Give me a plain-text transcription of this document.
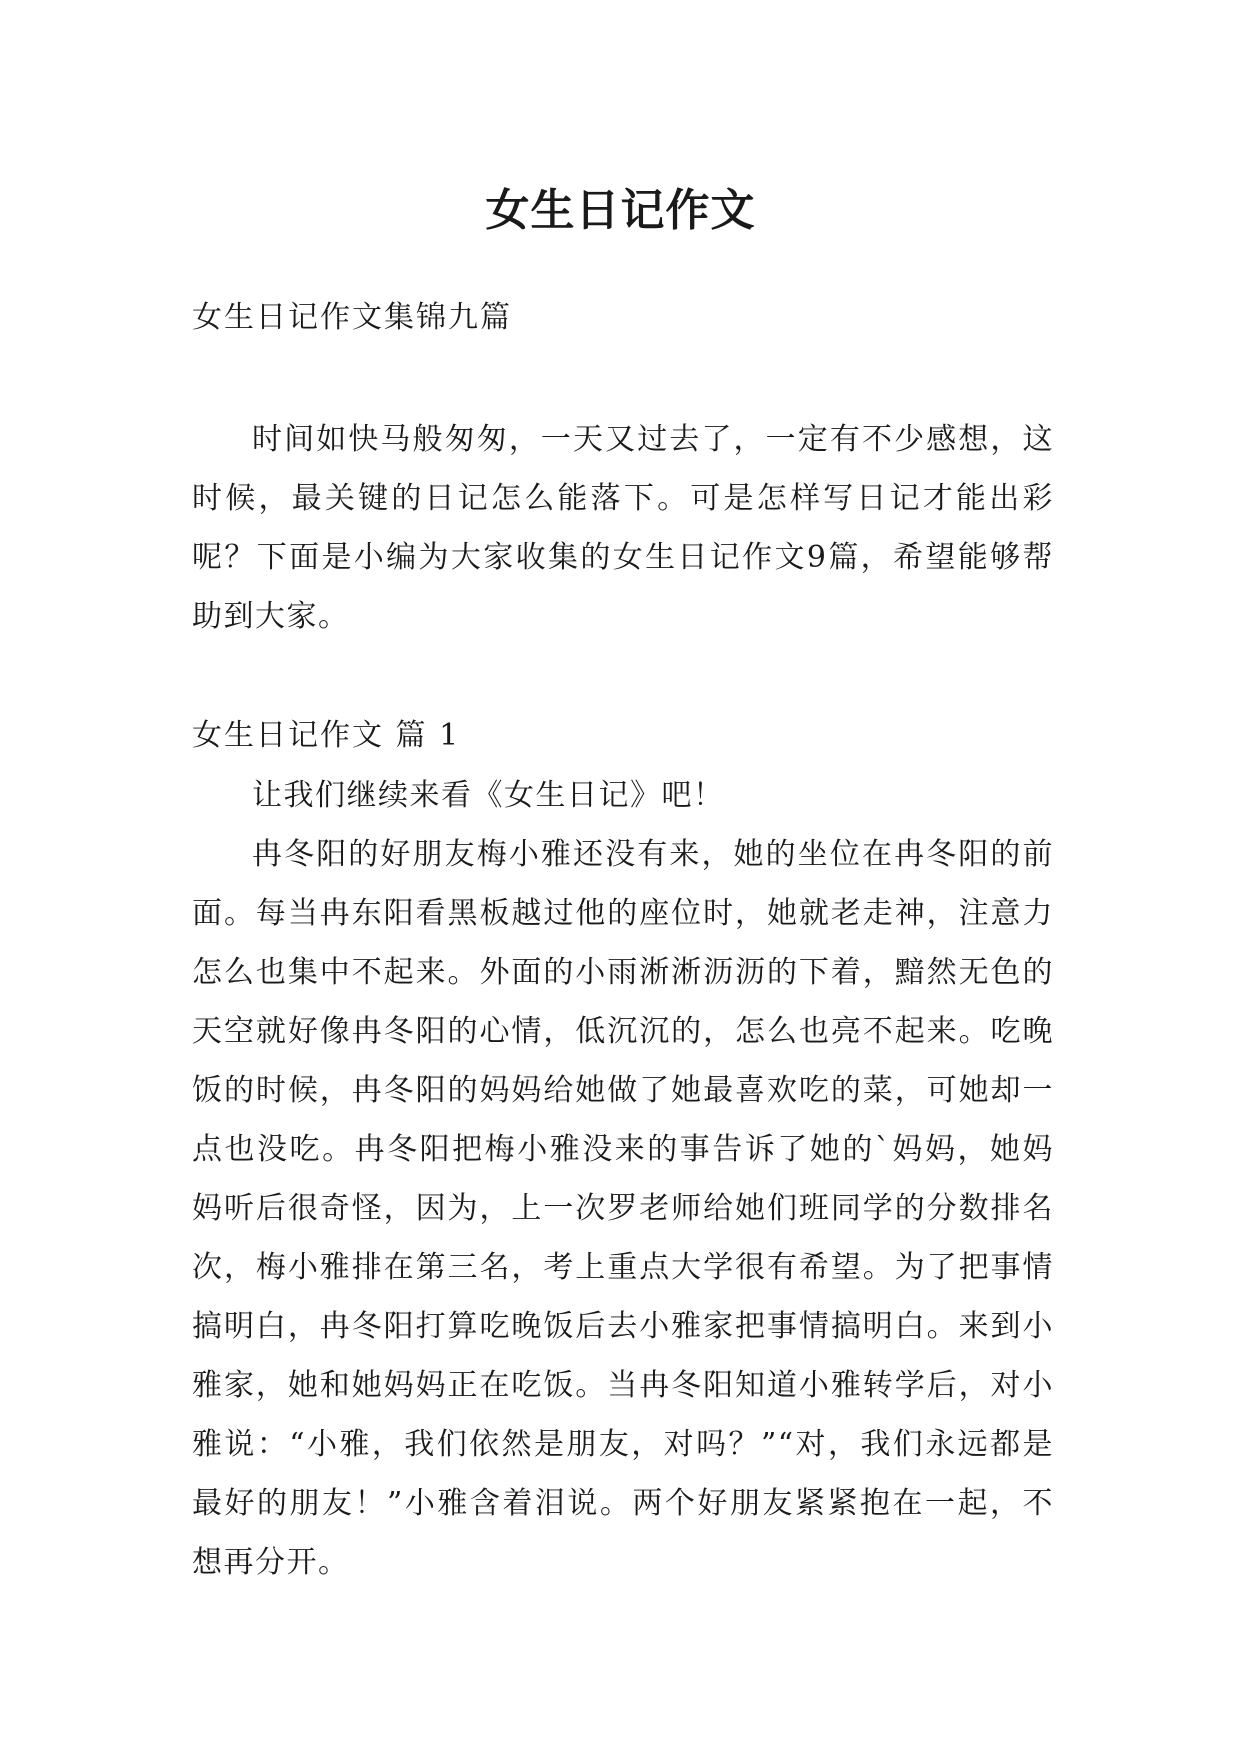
女生日记作文

女生日记作文集锦九篇

时间如快马般匆匆，一天又过去了，一定有不少感想，这时候，最关键的日记怎么能落下。可是怎样写日记才能出彩呢？下面是小编为大家收集的女生日记作文9篇，希望能够帮助到大家。

女生日记作文 篇 1

让我们继续来看《女生日记》吧！

冉冬阳的好朋友梅小雅还没有来，她的坐位在冉冬阳的前面。每当冉东阳看黑板越过他的座位时，她就老走神，注意力怎么也集中不起来。外面的小雨淅淅沥沥的下着，黯然无色的天空就好像冉冬阳的心情，低沉沉的，怎么也亮不起来。吃晚饭的时候，冉冬阳的妈妈给她做了她最喜欢吃的菜，可她却一点也没吃。冉冬阳把梅小雅没来的事告诉了她的`妈妈，她妈妈听后很奇怪，因为，上一次罗老师给她们班同学的分数排名次，梅小雅排在第三名，考上重点大学很有希望。为了把事情搞明白，冉冬阳打算吃晚饭后去小雅家把事情搞明白。来到小雅家，她和她妈妈正在吃饭。当冉冬阳知道小雅转学后，对小雅说：“小雅，我们依然是朋友，对吗？”“对，我们永远都是最好的朋友！”小雅含着泪说。两个好朋友紧紧抱在一起，不想再分开。
